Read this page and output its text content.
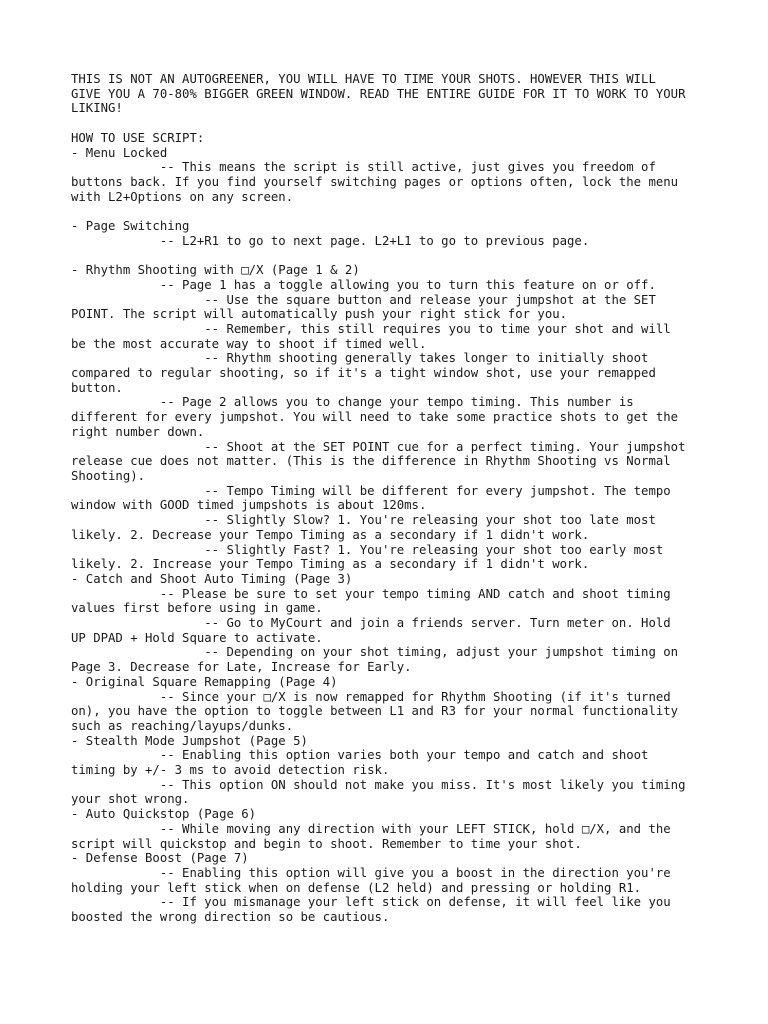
THIS IS NOT AN AUTOGREENER, YOU WILL HAVE TO TIME YOUR SHOTS. HOWEVER THIS WILL
GIVE YOU A 70-80% BIGGER GREEN WINDOW. READ THE ENTIRE GUIDE FOR IT TO WORK TO YOUR
LIKING!

HOW TO USE SCRIPT:
- Menu Locked
-- This means the script is still active, just gives you freedom of
buttons back. If you find yourself switching pages or options often, lock the menu
with L2+Options on any screen.

- Page Switching
-- L2+R1 to go to next page. L2+L1 to go to previous page.

- Rhythm Shooting with □/X (Page 1 & 2)
-- Page 1 has a toggle allowing you to turn this feature on or off.
-- Use the square button and release your jumpshot at the SET
POINT. The script will automatically push your right stick for you.
-- Remember, this still requires you to time your shot and will
be the most accurate way to shoot if timed well.
-- Rhythm shooting generally takes longer to initially shoot
compared to regular shooting, so if it's a tight window shot, use your remapped
button.
-- Page 2 allows you to change your tempo timing. This number is
different for every jumpshot. You will need to take some practice shots to get the
right number down.
-- Shoot at the SET POINT cue for a perfect timing. Your jumpshot
release cue does not matter. (This is the difference in Rhythm Shooting vs Normal
Shooting).
-- Tempo Timing will be different for every jumpshot. The tempo
window with GOOD timed jumpshots is about 120ms.
-- Slightly Slow? 1. You're releasing your shot too late most
likely. 2. Decrease your Tempo Timing as a secondary if 1 didn't work.
-- Slightly Fast? 1. You're releasing your shot too early most
likely. 2. Increase your Tempo Timing as a secondary if 1 didn't work.
- Catch and Shoot Auto Timing (Page 3)
-- Please be sure to set your tempo timing AND catch and shoot timing
values first before using in game.
-- Go to MyCourt and join a friends server. Turn meter on. Hold
UP DPAD + Hold Square to activate.
-- Depending on your shot timing, adjust your jumpshot timing on
Page 3. Decrease for Late, Increase for Early.
- Original Square Remapping (Page 4)
-- Since your □/X is now remapped for Rhythm Shooting (if it's turned
on), you have the option to toggle between L1 and R3 for your normal functionality
such as reaching/layups/dunks.
- Stealth Mode Jumpshot (Page 5)
-- Enabling this option varies both your tempo and catch and shoot
timing by +/- 3 ms to avoid detection risk.
-- This option ON should not make you miss. It's most likely you timing
your shot wrong.
- Auto Quickstop (Page 6)
-- While moving any direction with your LEFT STICK, hold □/X, and the
script will quickstop and begin to shoot. Remember to time your shot.
- Defense Boost (Page 7)
-- Enabling this option will give you a boost in the direction you're
holding your left stick when on defense (L2 held) and pressing or holding R1.
-- If you mismanage your left stick on defense, it will feel like you
boosted the wrong direction so be cautious.
